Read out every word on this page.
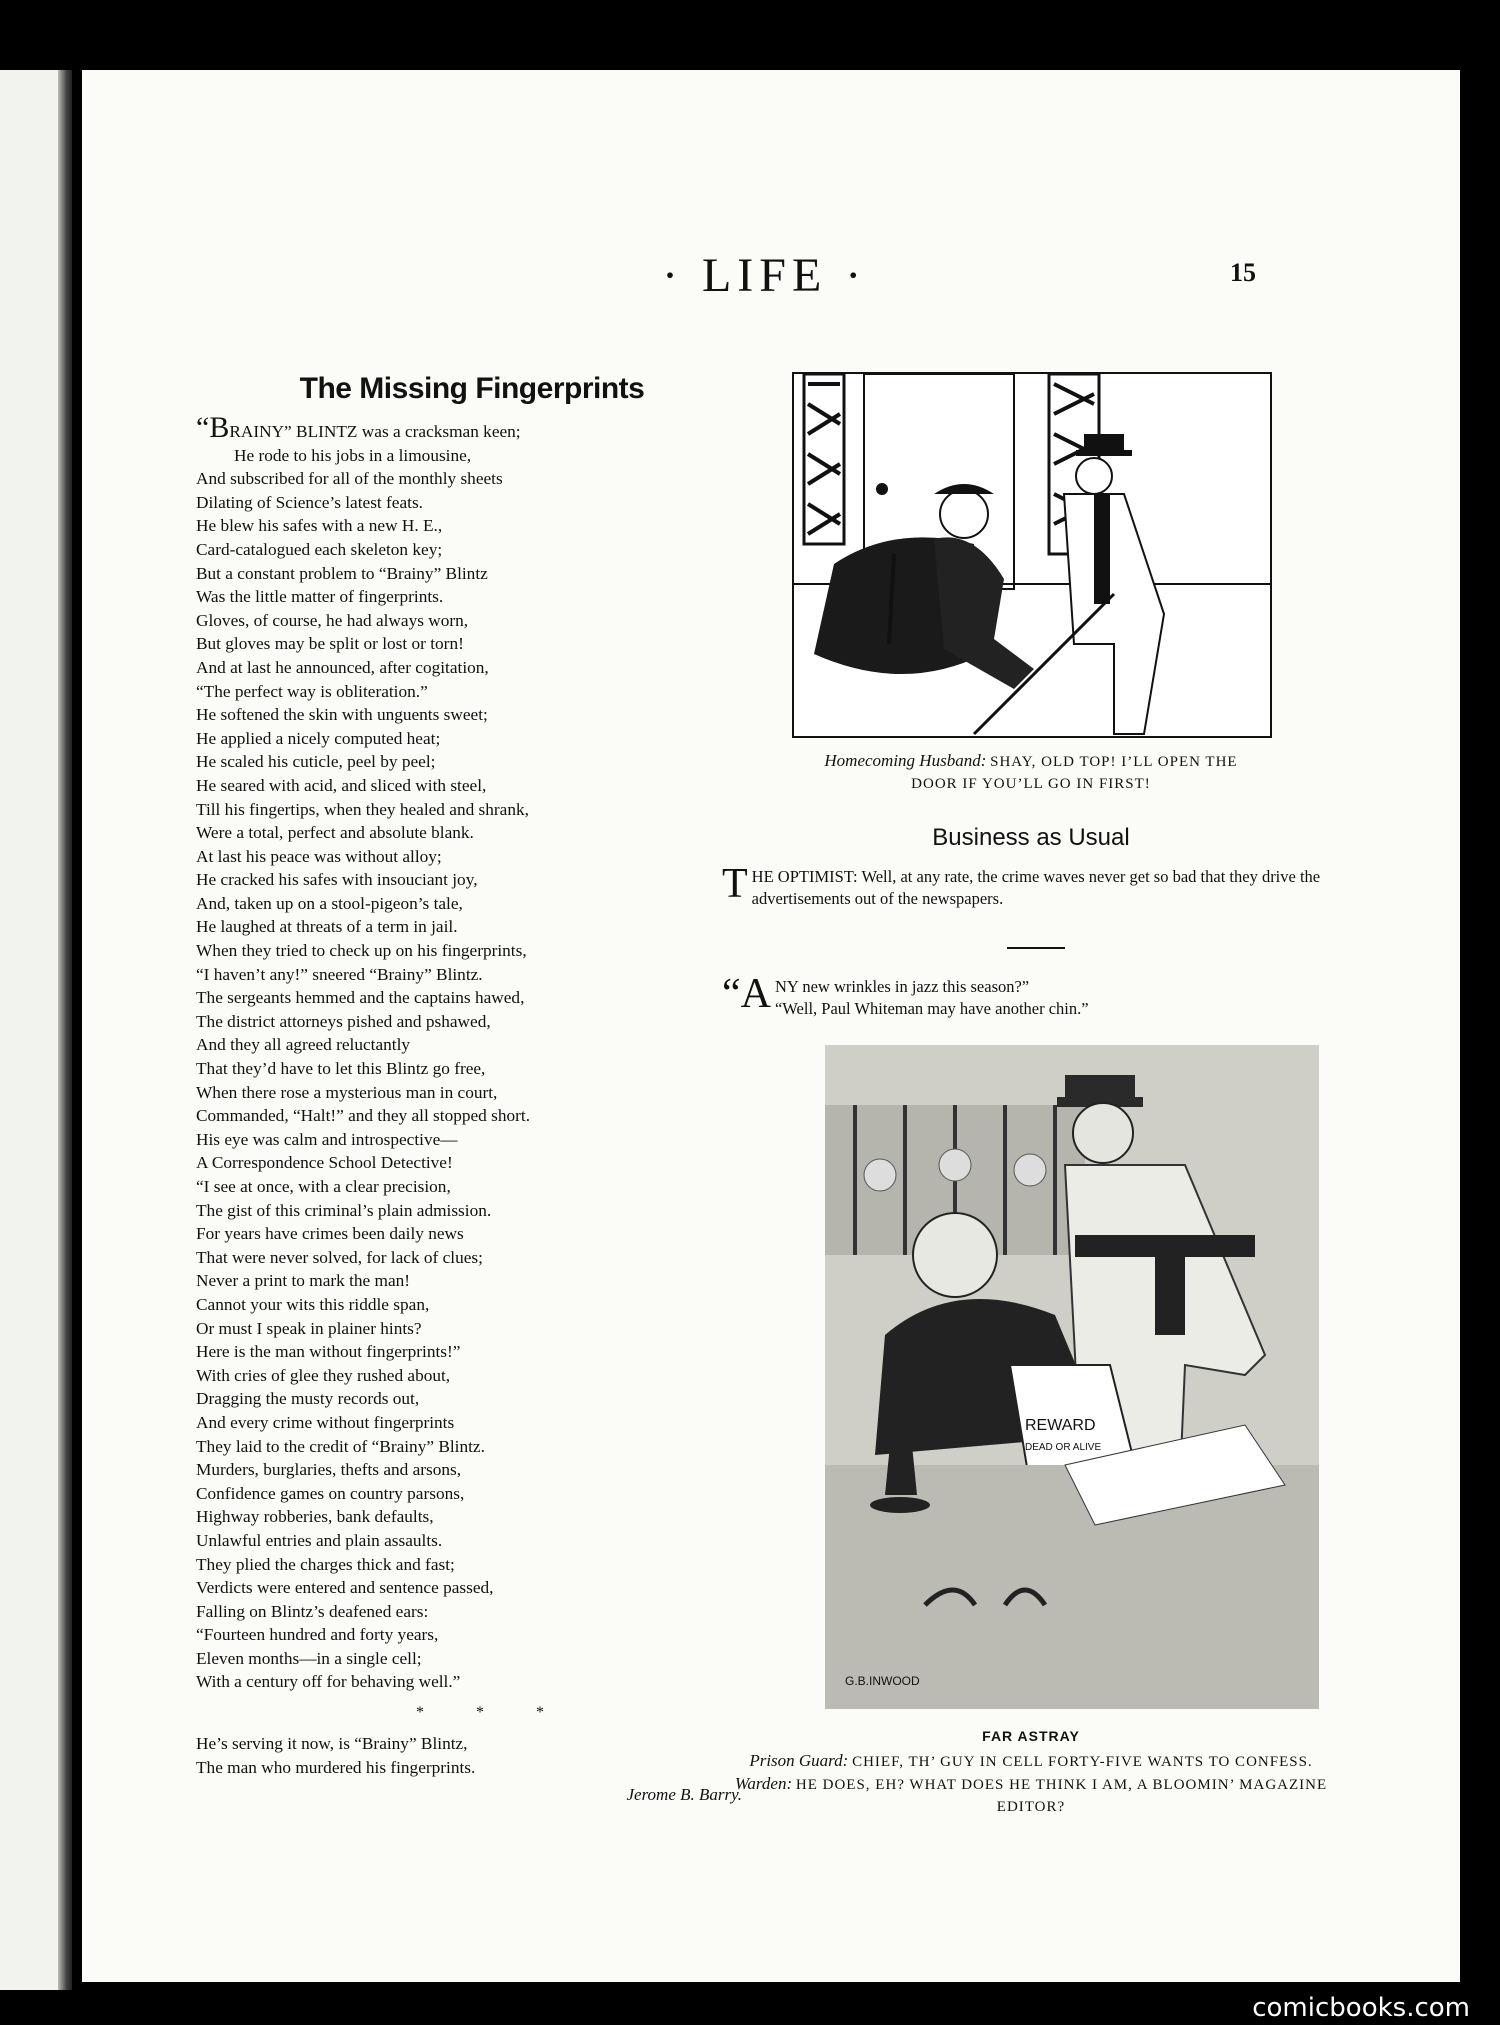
· LIFE ·	15
The Missing Fingerprints
“BRAINY” BLINTZ was a cracksman keen;
He rode to his jobs in a limousine,
And subscribed for all of the monthly sheets
Dilating of Science’s latest feats.
He blew his safes with a new H. E.,
Card-catalogued each skeleton key;
But a constant problem to “Brainy” Blintz
Was the little matter of fingerprints.
Gloves, of course, he had always worn,
But gloves may be split or lost or torn!
And at last he announced, after cogitation,
“The perfect way is obliteration.”
He softened the skin with unguents sweet;
He applied a nicely computed heat;
He scaled his cuticle, peel by peel;
He seared with acid, and sliced with steel,
Till his fingertips, when they healed and shrank,
Were a total, perfect and absolute blank.
At last his peace was without alloy;
He cracked his safes with insouciant joy,
And, taken up on a stool-pigeon’s tale,
He laughed at threats of a term in jail.
When they tried to check up on his fingerprints,
“I haven’t any!” sneered “Brainy” Blintz.
The sergeants hemmed and the captains hawed,
The district attorneys pished and pshawed,
And they all agreed reluctantly
That they’d have to let this Blintz go free,
When there rose a mysterious man in court,
Commanded, “Halt!” and they all stopped short.
His eye was calm and introspective—
A Correspondence School Detective!
“I see at once, with a clear precision,
The gist of this criminal’s plain admission.
For years have crimes been daily news
That were never solved, for lack of clues;
Never a print to mark the man!
Cannot your wits this riddle span,
Or must I speak in plainer hints?
Here is the man without fingerprints!”
With cries of glee they rushed about,
Dragging the musty records out,
And every crime without fingerprints
They laid to the credit of “Brainy” Blintz.
Murders, burglaries, thefts and arsons,
Confidence games on country parsons,
Highway robberies, bank defaults,
Unlawful entries and plain assaults.
They plied the charges thick and fast;
Verdicts were entered and sentence passed,
Falling on Blintz’s deafened ears:
“Fourteen hundred and forty years,
Eleven months—in a single cell;
With a century off for behaving well.”
* * *
He’s serving it now, is “Brainy” Blintz,
The man who murdered his fingerprints.
Jerome B. Barry.
Homecoming Husband: SHAY, OLD TOP! I’LL OPEN THE
DOOR IF YOU’LL GO IN FIRST!
Business as Usual
THE OPTIMIST: Well, at any rate, the crime waves never get so bad that they drive the advertisements out of the newspapers.
“ANY new wrinkles in jazz this season?”
“Well, Paul Whiteman may have another chin.”
REWARD
DEAD OR ALIVE
G.B.INWOOD
FAR ASTRAY
Prison Guard: CHIEF, TH’ GUY IN CELL FORTY-FIVE WANTS TO CONFESS.
Warden: HE DOES, EH? WHAT DOES HE THINK I AM, A BLOOMIN’ MAGAZINE EDITOR?
comicbooks.com
